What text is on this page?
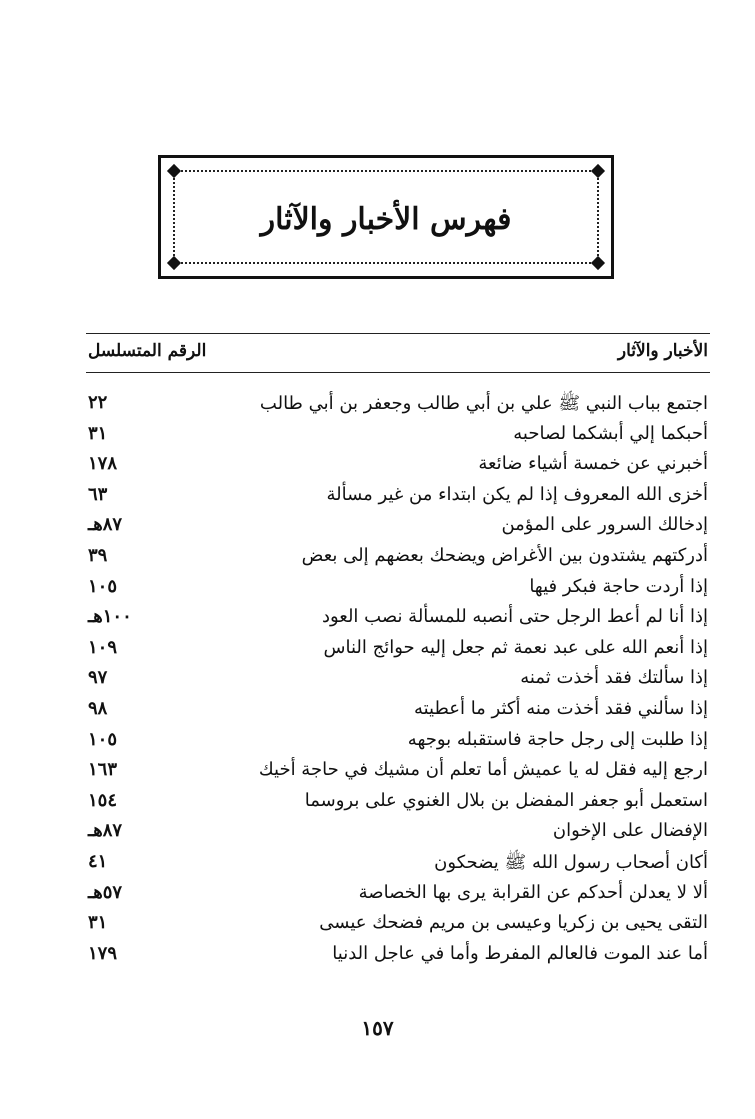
فهرس الأخبار والآثار
الأخبار والآثار
الرقم المتسلسل
اجتمع بباب النبي ﷺ علي بن أبي طالب وجعفر بن أبي طالب
٢٢
أحبكما إلي أبشكما لصاحبه
٣١
أخبرني عن خمسة أشياء ضائعة
١٧٨
أخزى الله المعروف إذا لم يكن ابتداء من غير مسألة
٦٣
إدخالك السرور على المؤمن
٨٧هـ
أدركتهم يشتدون بين الأغراض ويضحك بعضهم إلى بعض
٣٩
إذا أردت حاجة فبكر فيها
١٠٥
إذا أنا لم أعط الرجل حتى أنصبه للمسألة نصب العود
١٠٠هـ
إذا أنعم الله على عبد نعمة ثم جعل إليه حوائج الناس
١٠٩
إذا سألتك فقد أخذت ثمنه
٩٧
إذا سألني فقد أخذت منه أكثر ما أعطيته
٩٨
إذا طلبت إلى رجل حاجة فاستقبله بوجهه
١٠٥
ارجع إليه فقل له يا عميش أما تعلم أن مشيك في حاجة أخيك
١٦٣
استعمل أبو جعفر المفضل بن بلال الغنوي على بروسما
١٥٤
الإفضال على الإخوان
٨٧هـ
أكان أصحاب رسول الله ﷺ يضحكون
٤١
ألا لا يعدلن أحدكم عن القرابة يرى بها الخصاصة
٥٧هـ
التقى يحيى بن زكريا وعيسى بن مريم فضحك عيسى
٣١
أما عند الموت فالعالم المفرط وأما في عاجل الدنيا
١٧٩
١٥٧
